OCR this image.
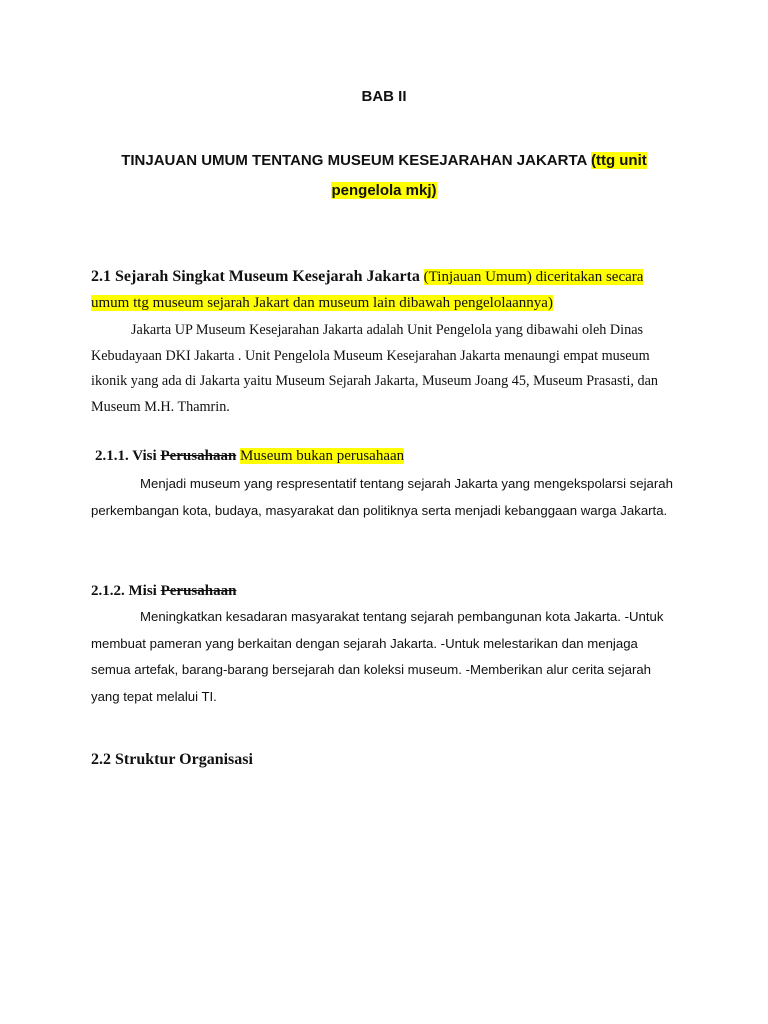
BAB II
TINJAUAN UMUM TENTANG MUSEUM KESEJARAHAN JAKARTA (ttg unit pengelola mkj)
2.1 Sejarah Singkat Museum Kesejarah Jakarta (Tinjauan Umum) diceritakan secara umum ttg museum sejarah Jakart dan museum lain dibawah pengelolaannya)
Jakarta UP Museum Kesejarahan Jakarta adalah Unit Pengelola yang dibawahi oleh Dinas Kebudayaan DKI Jakarta . Unit Pengelola Museum Kesejarahan Jakarta menaungi empat museum ikonik yang ada di Jakarta yaitu Museum Sejarah Jakarta, Museum Joang 45, Museum Prasasti, dan Museum M.H. Thamrin.
2.1.1. Visi Perusahaan Museum bukan perusahaan
Menjadi museum yang respresentatif tentang sejarah Jakarta yang mengekspolarsi sejarah perkembangan kota, budaya, masyarakat dan politiknya serta menjadi kebanggaan warga Jakarta.
2.1.2. Misi Perusahaan
Meningkatkan kesadaran masyarakat tentang sejarah pembangunan kota Jakarta. -Untuk membuat pameran yang berkaitan dengan sejarah Jakarta. -Untuk melestarikan dan menjaga semua artefak, barang-barang bersejarah dan koleksi museum. -Memberikan alur cerita sejarah yang tepat melalui TI.
2.2 Struktur Organisasi
